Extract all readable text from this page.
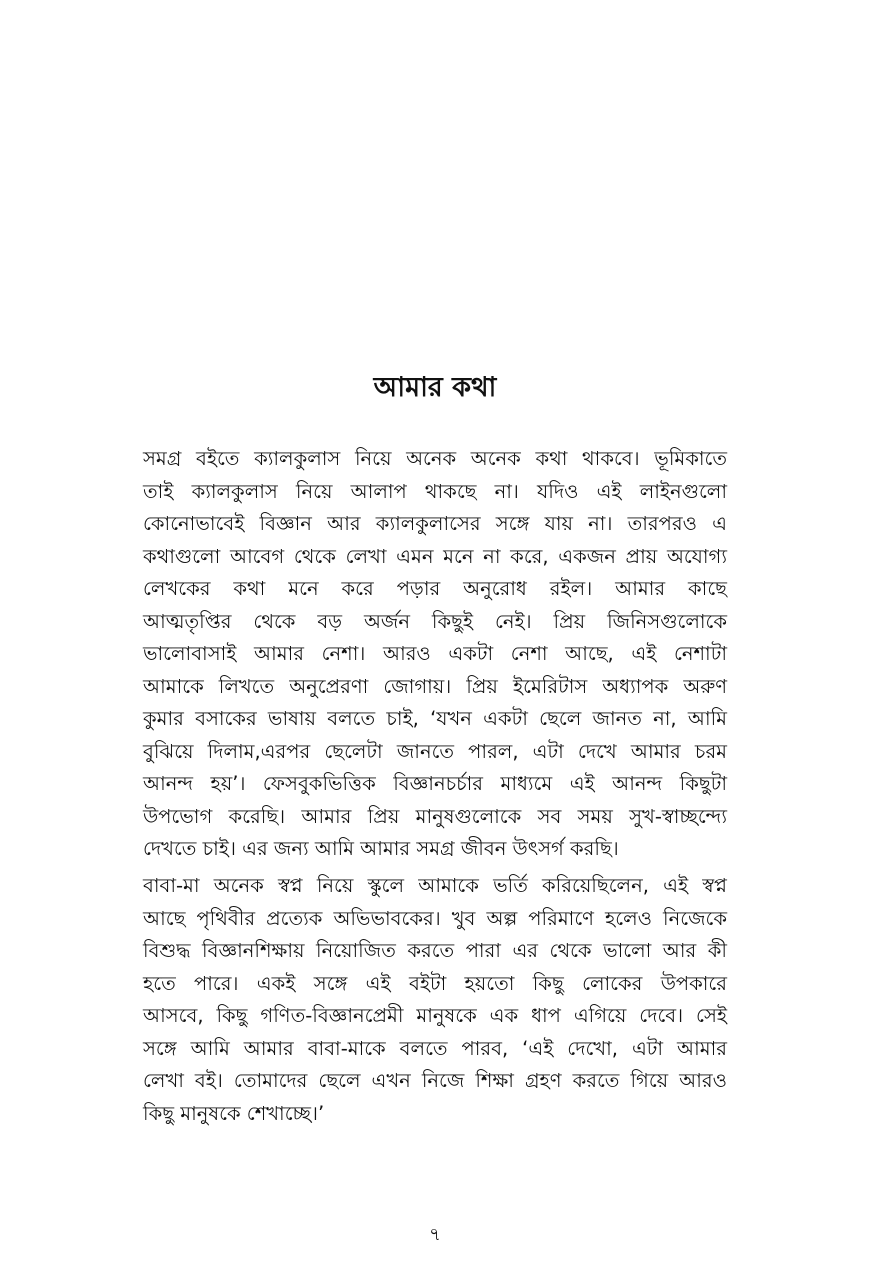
আমার কথা
সমগ্র বইতে ক্যালকুলাস নিয়ে অনেক অনেক কথা থাকবে। ভূমিকাতে
তাই ক্যালকুলাস নিয়ে আলাপ থাকছে না। যদিও এই লাইনগুলো
কোনোভাবেই বিজ্ঞান আর ক্যালকুলাসের সঙ্গে যায় না। তারপরও এ
কথাগুলো আবেগ থেকে লেখা এমন মনে না করে, একজন প্রায় অযোগ্য
লেখকের কথা মনে করে পড়ার অনুরোধ রইল। আমার কাছে
আত্মতৃপ্তির থেকে বড় অর্জন কিছুই নেই। প্রিয় জিনিসগুলোকে
ভালোবাসাই আমার নেশা। আরও একটা নেশা আছে, এই নেশাটা
আমাকে লিখতে অনুপ্রেরণা জোগায়। প্রিয় ইমেরিটাস অধ্যাপক অরুণ
কুমার বসাকের ভাষায় বলতে চাই, ‘যখন একটা ছেলে জানত না, আমি
বুঝিয়ে দিলাম,এরপর ছেলেটা জানতে পারল, এটা দেখে আমার চরম
আনন্দ হয়’। ফেসবুকভিত্তিক বিজ্ঞানচর্চার মাধ্যমে এই আনন্দ কিছুটা
উপভোগ করেছি। আমার প্রিয় মানুষগুলোকে সব সময় সুখ-স্বাচ্ছন্দ্যে
দেখতে চাই। এর জন্য আমি আমার সমগ্র জীবন উৎসর্গ করছি।
বাবা-মা অনেক স্বপ্ন নিয়ে স্কুলে আমাকে ভর্তি করিয়েছিলেন, এই স্বপ্ন
আছে পৃথিবীর প্রত্যেক অভিভাবকের। খুব অল্প পরিমাণে হলেও নিজেকে
বিশুদ্ধ বিজ্ঞানশিক্ষায় নিয়োজিত করতে পারা এর থেকে ভালো আর কী
হতে পারে। একই সঙ্গে এই বইটা হয়তো কিছু লোকের উপকারে
আসবে, কিছু গণিত-বিজ্ঞানপ্রেমী মানুষকে এক ধাপ এগিয়ে দেবে। সেই
সঙ্গে আমি আমার বাবা-মাকে বলতে পারব, ‘এই দেখো, এটা আমার
লেখা বই। তোমাদের ছেলে এখন নিজে শিক্ষা গ্রহণ করতে গিয়ে আরও
কিছু মানুষকে শেখাচ্ছে।’
৭
